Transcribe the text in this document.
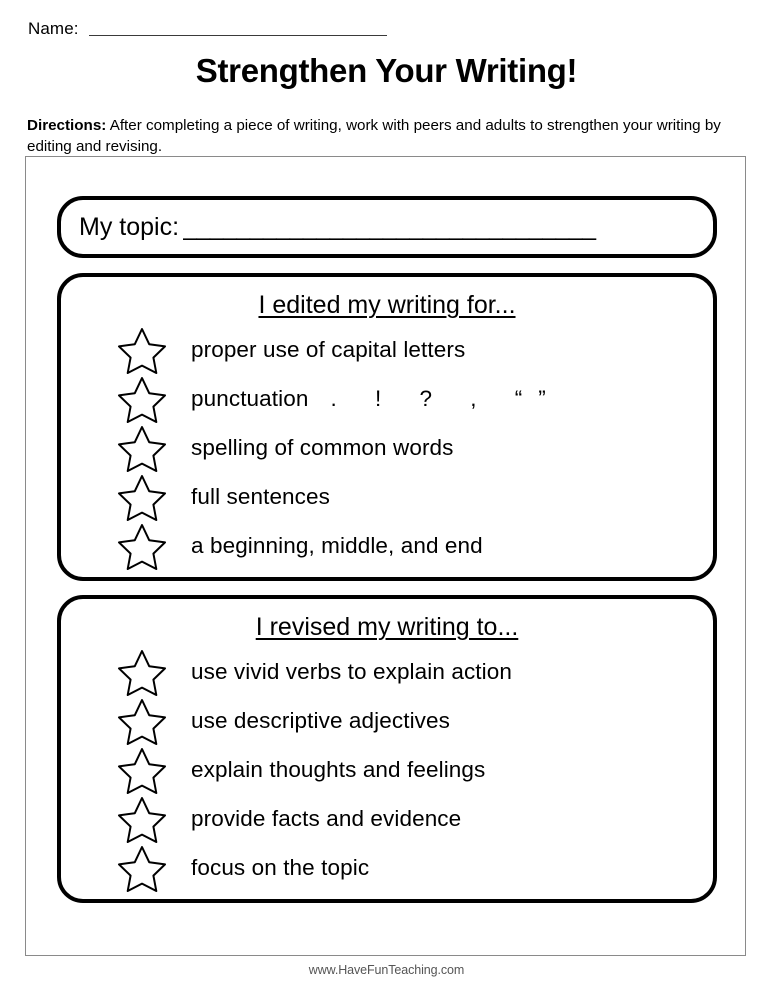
Name:
Strengthen Your Writing!
Directions: After completing a piece of writing, work with peers and adults to strengthen your writing by editing and revising.
My topic: _______________________________
I edited my writing for...
proper use of capital letters
punctuation . ! ? , “”
spelling of common words
full sentences
a beginning, middle, and end
I revised my writing to...
use vivid verbs to explain action
use descriptive adjectives
explain thoughts and feelings
provide facts and evidence
focus on the topic
www.HaveFunTeaching.com
